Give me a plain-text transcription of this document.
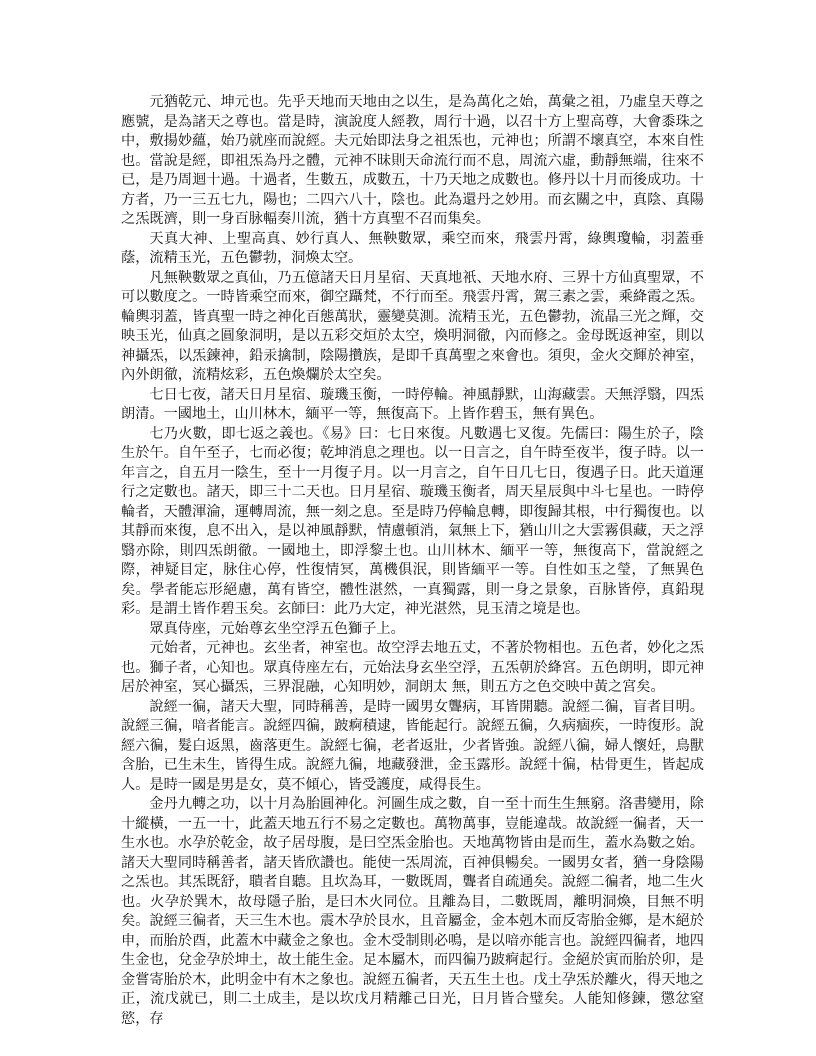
元猶乾元、坤元也。先乎天地而天地由之以生，是為萬化之始，萬彙之祖，乃虛皇天尊之應號，是為諸天之尊也。當是時，演說度人經教，周行十過，以召十方上聖高尊，大會黍珠之中，敷揚妙蘊，始乃就座而說經。夫元始即法身之祖炁也，元神也；所謂不壞真空，本來自性也。當說是經，即祖炁為丹之體，元神不昧則天命流行而不息，周流六虛，動靜無端，往來不已，是乃周迴十過。十過者，生數五，成數五，十乃天地之成數也。修丹以十月而後成功。十方者，乃一三五七九，陽也；二四六八十，陰也。此為還丹之妙用。而玄關之中，真陰、真陽之炁既濟，則一身百脉輻奏川流，猶十方真聖不召而集矣。

天真大神、上聖高真、妙行真人、無鞅數眾，乘空而來，飛雲丹霄，綠輿瓊輪，羽蓋垂蔭，流精玉光，五色鬱勃，洞煥太空。

凡無鞅數眾之真仙，乃五億諸天日月星宿、天真地衹、天地水府、三界十方仙真聖眾，不可以數度之。一時皆乘空而來，御空躡梵，不行而至。飛雲丹霄，駕三素之雲，乘絳霞之炁。輪輿羽蓋，皆真聖一時之神化百態萬狀，靈變莫測。流精玉光，五色鬱勃，流晶三光之輝，交映玉光，仙真之圓象洞明，是以五彩交烜於太空，煥明洞徹，內而修之。金母既返神室，則以神攝炁，以炁鍊神，鉛汞擒制，陰陽攢族，是即千真萬聖之來會也。須臾，金火交輝於神室，內外朗徹，流精炫彩，五色煥爛於太空矣。

七日七夜，諸天日月星宿、璇璣玉衡，一時停輪。神風靜默，山海藏雲。天無浮翳，四炁朗清。一國地土，山川林木，緬平一等，無復高下。上皆作碧玉，無有異色。

七乃火數，即七返之義也。《易》曰：七日來復。凡數遇七叉復。先儒曰：陽生於子，陰生於午。自午至子，七而必復；乾坤消息之理也。以一日言之，自午時至夜半，復子時。以一年言之，自五月一陰生，至十一月復子月。以一月言之，自午日几七日，復遇子日。此天道運行之定數也。諸天，即三十二天也。日月星宿、璇璣玉衡者，周天星辰與中斗七星也。一時停輪者，天體渾淪，運轉周流，無一刻之息。至是時乃停輪息轉，即復歸其根，中行獨復也。以其靜而來復，息不出入，是以神風靜默，情慮頓消，氣無上下，猶山川之大雲霧俱藏，天之浮翳亦除，則四炁朗徹。一國地土，即浮黎土也。山川林木、緬平一等，無復高下，當說經之際，神疑目定，脉住心停，性復情冥，萬機俱泯，則皆緬平一等。自性如玉之瑩，了無異色矣。學者能忘形絕慮，萬有皆空，體性湛然，一真獨露，則一身之景象，百脉皆停，真鉛現彩。是謂土皆作碧玉矣。玄師曰：此乃大定，神光湛然，見玉清之境是也。

眾真侍座，元始尊玄坐空浮五色獅子上。

元始者，元神也。玄坐者，神室也。故空浮去地五丈，不著於物相也。五色者，妙化之炁也。獅子者，心知也。眾真侍座左右，元始法身玄坐空浮，五炁朝於絳宮。五色朗明，即元神居於神室，冥心攝炁，三界混融，心知明妙，洞朗太 無，則五方之色交映中黃之宮矣。

說經一徧，諸天大聖，同時稱善，是時一國男女聾病，耳皆開聽。說經二徧，盲者目明。說經三徧，喑者能言。說經四徧，跛痾積逮，皆能起行。說經五徧，久病痼疾，一時復形。說經六徧，髮白返黑，齒落更生。說經七徧，老者返壯，少者皆強。說經八徧，婦人懷妊，鳥獸含胎，已生未生，皆得生成。說經九徧，地藏發泄，金玉露形。說經十徧，枯骨更生，皆起成人。是時一國是男是女，莫不傾心，皆受護度，咸得長生。

金丹九轉之功，以十月為胎圓神化。河圖生成之數，自一至十而生生無窮。洛書變用，除十縱橫，一五一十，此蓋天地五行不易之定數也。萬物萬事，豈能違哉。故說經一徧者，天一生水也。水孕於乾金，故子居母腹，是曰空炁金胎也。天地萬物皆由是而生，蓋水為數之始。諸天大聖同時稱善者，諸天皆欣讚也。能使一炁周流，百神俱暢矣。一國男女者，猶一身陰陽之炁也。其炁既舒，聵者自聽。且坎為耳，一數既周，聾者自疏通矣。說經二徧者，地二生火也。火孕於巽木，故母隱子胎，是曰木火同位。且離為目，二數既周，離明洞煥，目無不明矣。說經三徧者，天三生木也。震木孕於艮水，且音屬金，金本剋木而反寄胎金鄉，是木絕於申，而胎於酉，此蓋木中藏金之象也。金木受制則必鳴，是以喑亦能言也。說經四徧者，地四生金也，兌金孕於坤土，故土能生金。足本屬木，而四徧乃跛痾起行。金絕於寅而胎於卯，是金嘗寄胎於木，此明金中有木之象也。說經五徧者，天五生土也。戊土孕炁於離火，得天地之正，流戊就已，則二土成圭，是以坎戊月精離己日光，日月皆合璧矣。人能知修鍊，懲忿窒慾，存
